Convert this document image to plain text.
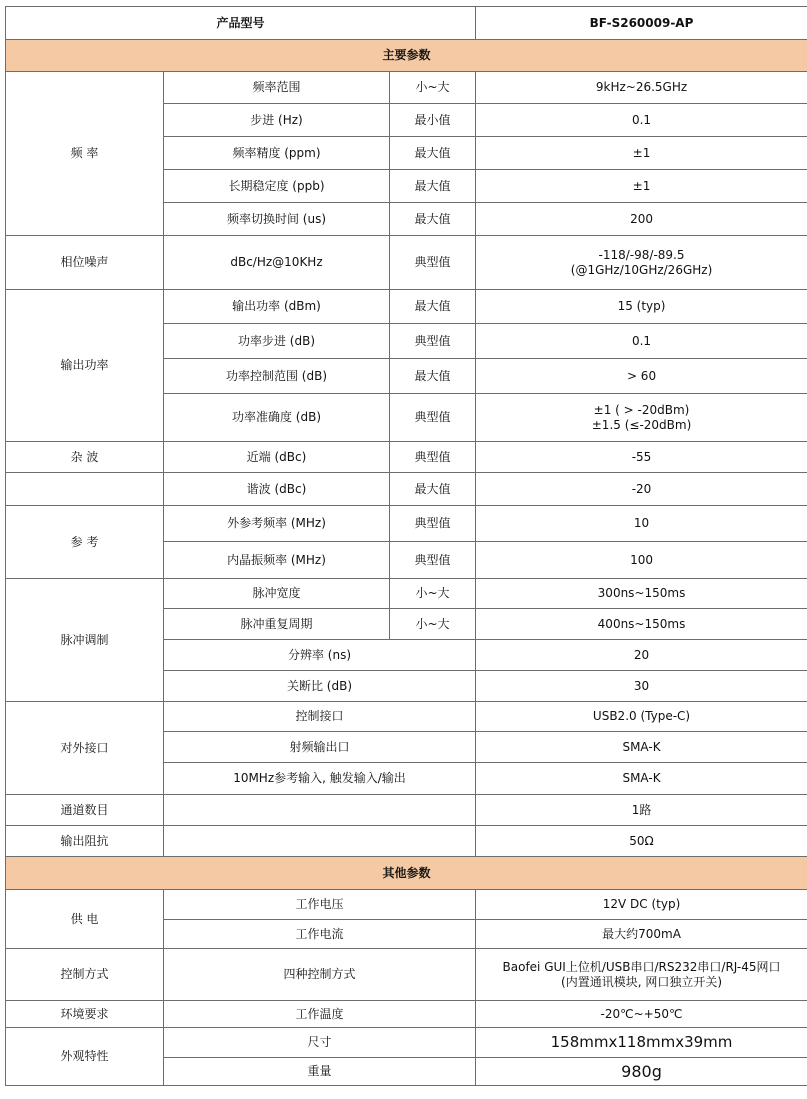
产品型号			BF-S260009-AP
主要参数			
频 率	频率范围	小~大	9kHz~26.5GHz
	步进 (Hz)	最小值	0.1
	频率精度 (ppm)	最大值	±1
	长期稳定度 (ppb)	最大值	±1
	频率切换时间 (us)	最大值	200
相位噪声	dBc/Hz@10KHz	典型值	-118/-98/-89.5
(@1GHz/10GHz/26GHz)

输出功率	输出功率 (dBm)	最大值	15 (typ)
	功率步进 (dB)	典型值	0.1
	功率控制范围 (dB)	最大值	> 60
	功率准确度 (dB)	典型值	±1 ( > -20dBm)
±1.5 (≤-20dBm)

杂 波	近端 (dBc)	典型值	-55
	谐波 (dBc)	最大值	-20
参 考	外参考频率 (MHz)	典型值	10
	内晶振频率 (MHz)	典型值	100
脉冲调制	脉冲宽度	小~大	300ns~150ms
	脉冲重复周期	小~大	400ns~150ms
	分辨率 (ns)		20
	关断比 (dB)		30
对外接口	控制接口		USB2.0 (Type-C)
	射频输出口		SMA-K
	10MHz参考输入, 触发输入/输出		SMA-K
通道数目			1路
输出阻抗			50Ω
其他参数			
供 电	工作电压		12V DC (typ)
	工作电流		最大约700mA
控制方式	四种控制方式		Baofei GUI上位机/USB串口/RS232串口/RJ-45网口
(内置通讯模块, 网口独立开关)

环境要求	工作温度		-20℃~+50℃
外观特性	尺寸		158mmx118mmx39mm
	重量		980g
